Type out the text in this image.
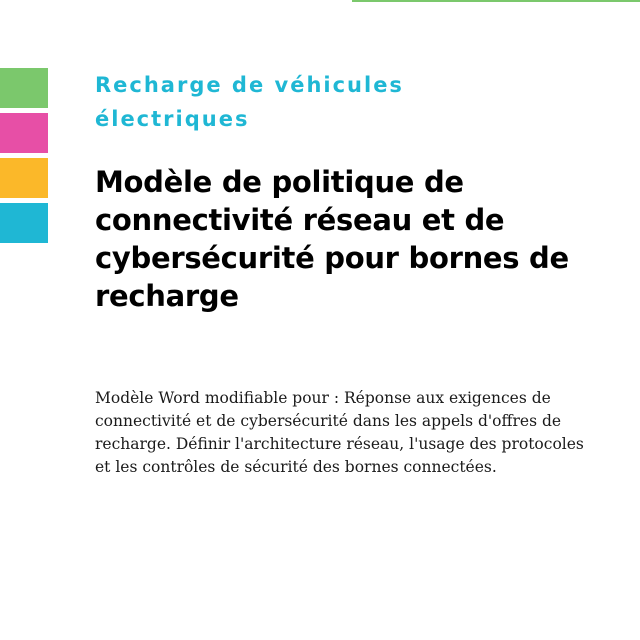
Recharge de véhicules électriques
Modèle de politique de connectivité réseau et de cybersécurité pour bornes de recharge

Modèle Word modifiable pour : Réponse aux exigences de connectivité et de cybersécurité dans les appels d'offres de recharge. Définir l'architecture réseau, l'usage des protocoles et les contrôles de sécurité des bornes connectées.
